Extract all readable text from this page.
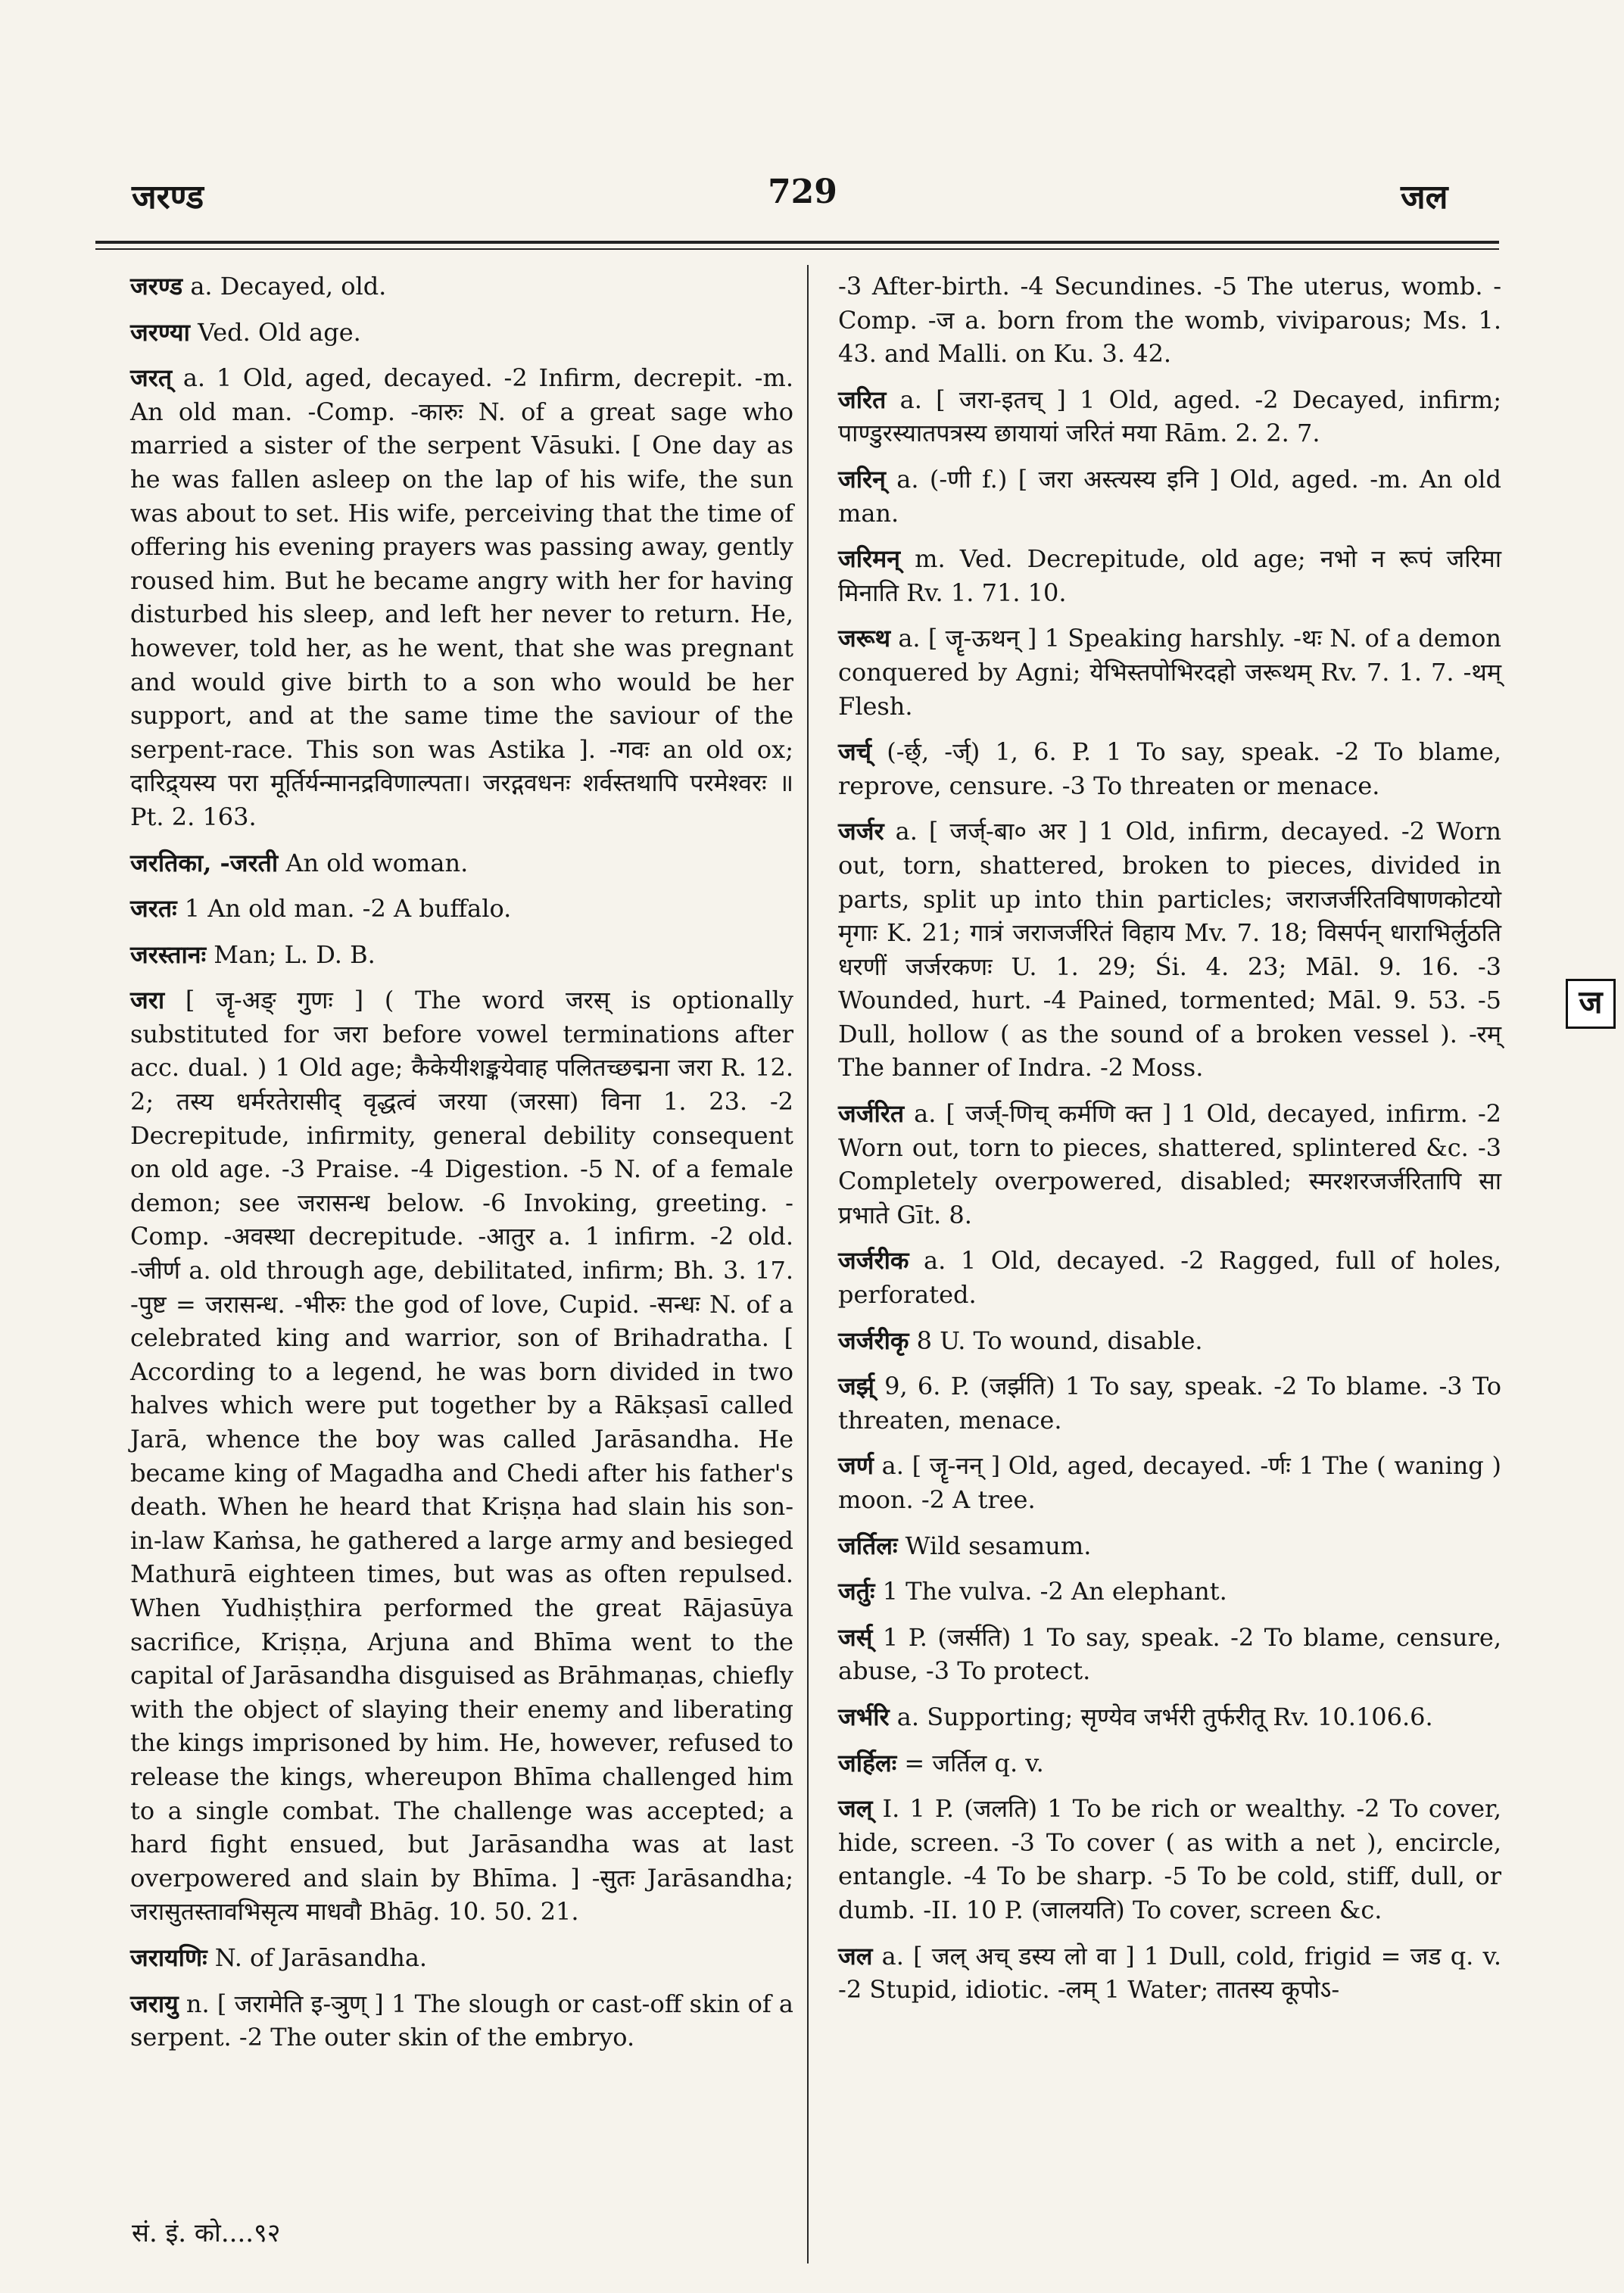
जरण्ड	729	जल

जरण्ड a. Decayed, old.

जरण्या Ved. Old age.

जरत् a. 1 Old, aged, decayed. -2 Infirm, decrepit. -m. An old man. -Comp. -कारुः N. of a great sage who married a sister of the serpent Vāsuki. [ One day as he was fallen asleep on the lap of his wife, the sun was about to set. His wife, perceiving that the time of offering his evening prayers was passing away, gently roused him. But he became angry with her for having disturbed his sleep, and left her never to return. He, however, told her, as he went, that she was pregnant and would give birth to a son who would be her support, and at the same time the saviour of the serpent-race. This son was Astika ]. -गवः an old ox; दारिद्र्यस्य परा मूर्तिर्यन्मानद्रविणाल्पता। जरद्गवधनः शर्वस्तथापि परमेश्वरः ॥ Pt. 2. 163.

जरतिका, -जरती An old woman.

जरतः 1 An old man. -2 A buffalo.

जरस्तानः Man; L. D. B.

जरा [ जॄ-अङ् गुणः ] ( The word जरस् is optionally substituted for जरा before vowel terminations after acc. dual. ) 1 Old age; कैकेयीशङ्कयेवाह पलितच्छद्मना जरा R. 12. 2; तस्य धर्मरतेरासीद् वृद्धत्वं जरया (जरसा) विना 1. 23. -2 Decrepitude, infirmity, general debility consequent on old age. -3 Praise. -4 Digestion. -5 N. of a female demon; see जरासन्ध below. -6 Invoking, greeting. -Comp. -अवस्था decrepitude. -आतुर a. 1 infirm. -2 old. -जीर्ण a. old through age, debilitated, infirm; Bh. 3. 17. -पुष्ट = जरासन्ध. -भीरुः the god of love, Cupid. -सन्धः N. of a celebrated king and warrior, son of Brihadratha. [ According to a legend, he was born divided in two halves which were put together by a Rākṣasī called Jarā, whence the boy was called Jarāsandha. He became king of Magadha and Chedi after his father's death. When he heard that Kriṣṇa had slain his son-in-law Kaṁsa, he gathered a large army and besieged Mathurā eighteen times, but was as often repulsed. When Yudhiṣṭhira performed the great Rājasūya sacrifice, Kriṣṇa, Arjuna and Bhīma went to the capital of Jarāsandha disguised as Brāhmaṇas, chiefly with the object of slaying their enemy and liberating the kings imprisoned by him. He, however, refused to release the kings, whereupon Bhīma challenged him to a single combat. The challenge was accepted; a hard fight ensued, but Jarāsandha was at last overpowered and slain by Bhīma. ] -सुतः Jarāsandha; जरासुतस्तावभिसृत्य माधवौ Bhāg. 10. 50. 21.

जरायणिः N. of Jarāsandha.

जरायु n. [ जरामेति इ-ञुण् ] 1 The slough or cast-off skin of a serpent. -2 The outer skin of the embryo.

-3 After-birth. -4 Secundines. -5 The uterus, womb. -Comp. -ज a. born from the womb, viviparous; Ms. 1. 43. and Malli. on Ku. 3. 42.

जरित a. [ जरा-इतच् ] 1 Old, aged. -2 Decayed, infirm; पाण्डुरस्यातपत्रस्य छायायां जरितं मया Rām. 2. 2. 7.

जरिन् a. (-णी f.) [ जरा अस्त्यस्य इनि ] Old, aged. -m. An old man.

जरिमन् m. Ved. Decrepitude, old age; नभो न रूपं जरिमा मिनाति Rv. 1. 71. 10.

जरूथ a. [ जॄ-ऊथन् ] 1 Speaking harshly. -थः N. of a demon conquered by Agni; येभिस्तपोभिरदहो जरूथम् Rv. 7. 1. 7. -थम् Flesh.

जर्च् (-र्छ्, -र्ज्) 1, 6. P. 1 To say, speak. -2 To blame, reprove, censure. -3 To threaten or menace.

जर्जर a. [ जर्ज्-बा० अर ] 1 Old, infirm, decayed. -2 Worn out, torn, shattered, broken to pieces, divided in parts, split up into thin particles; जराजर्जरितविषाणकोटयो मृगाः K. 21; गात्रं जराजर्जरितं विहाय Mv. 7. 18; विसर्पन् धाराभिर्लुठति धरणीं जर्जरकणः U. 1. 29; Śi. 4. 23; Māl. 9. 16. -3 Wounded, hurt. -4 Pained, tormented; Māl. 9. 53. -5 Dull, hollow ( as the sound of a broken vessel ). -रम् The banner of Indra. -2 Moss.

जर्जरित a. [ जर्ज्-णिच् कर्मणि क्त ] 1 Old, decayed, infirm. -2 Worn out, torn to pieces, shattered, splintered &c. -3 Completely overpowered, disabled; स्मरशरजर्जरितापि सा प्रभाते Gīt. 8.

जर्जरीक a. 1 Old, decayed. -2 Ragged, full of holes, perforated.

जर्जरीकृ 8 U. To wound, disable.

जर्झ् 9, 6. P. (जर्झति) 1 To say, speak. -2 To blame. -3 To threaten, menace.

जर्ण a. [ जॄ-नन् ] Old, aged, decayed. -र्णः 1 The ( waning ) moon. -2 A tree.

जर्तिलः Wild sesamum.

जर्तुः 1 The vulva. -2 An elephant.

जर्स् 1 P. (जर्सति) 1 To say, speak. -2 To blame, censure, abuse, -3 To protect.

जर्भरि a. Supporting; सृण्येव जर्भरी तुर्फरीतू Rv. 10.106.6.

जर्हिलः = जर्तिल q. v.

जल् I. 1 P. (जलति) 1 To be rich or wealthy. -2 To cover, hide, screen. -3 To cover ( as with a net ), encircle, entangle. -4 To be sharp. -5 To be cold, stiff, dull, or dumb. -II. 10 P. (जालयति) To cover, screen &c.

जल a. [ जल् अच् डस्य लो वा ] 1 Dull, cold, frigid = जड q. v. -2 Stupid, idiotic. -लम् 1 Water; तातस्य कूपोऽ-

ज
सं. इं. को....९२
